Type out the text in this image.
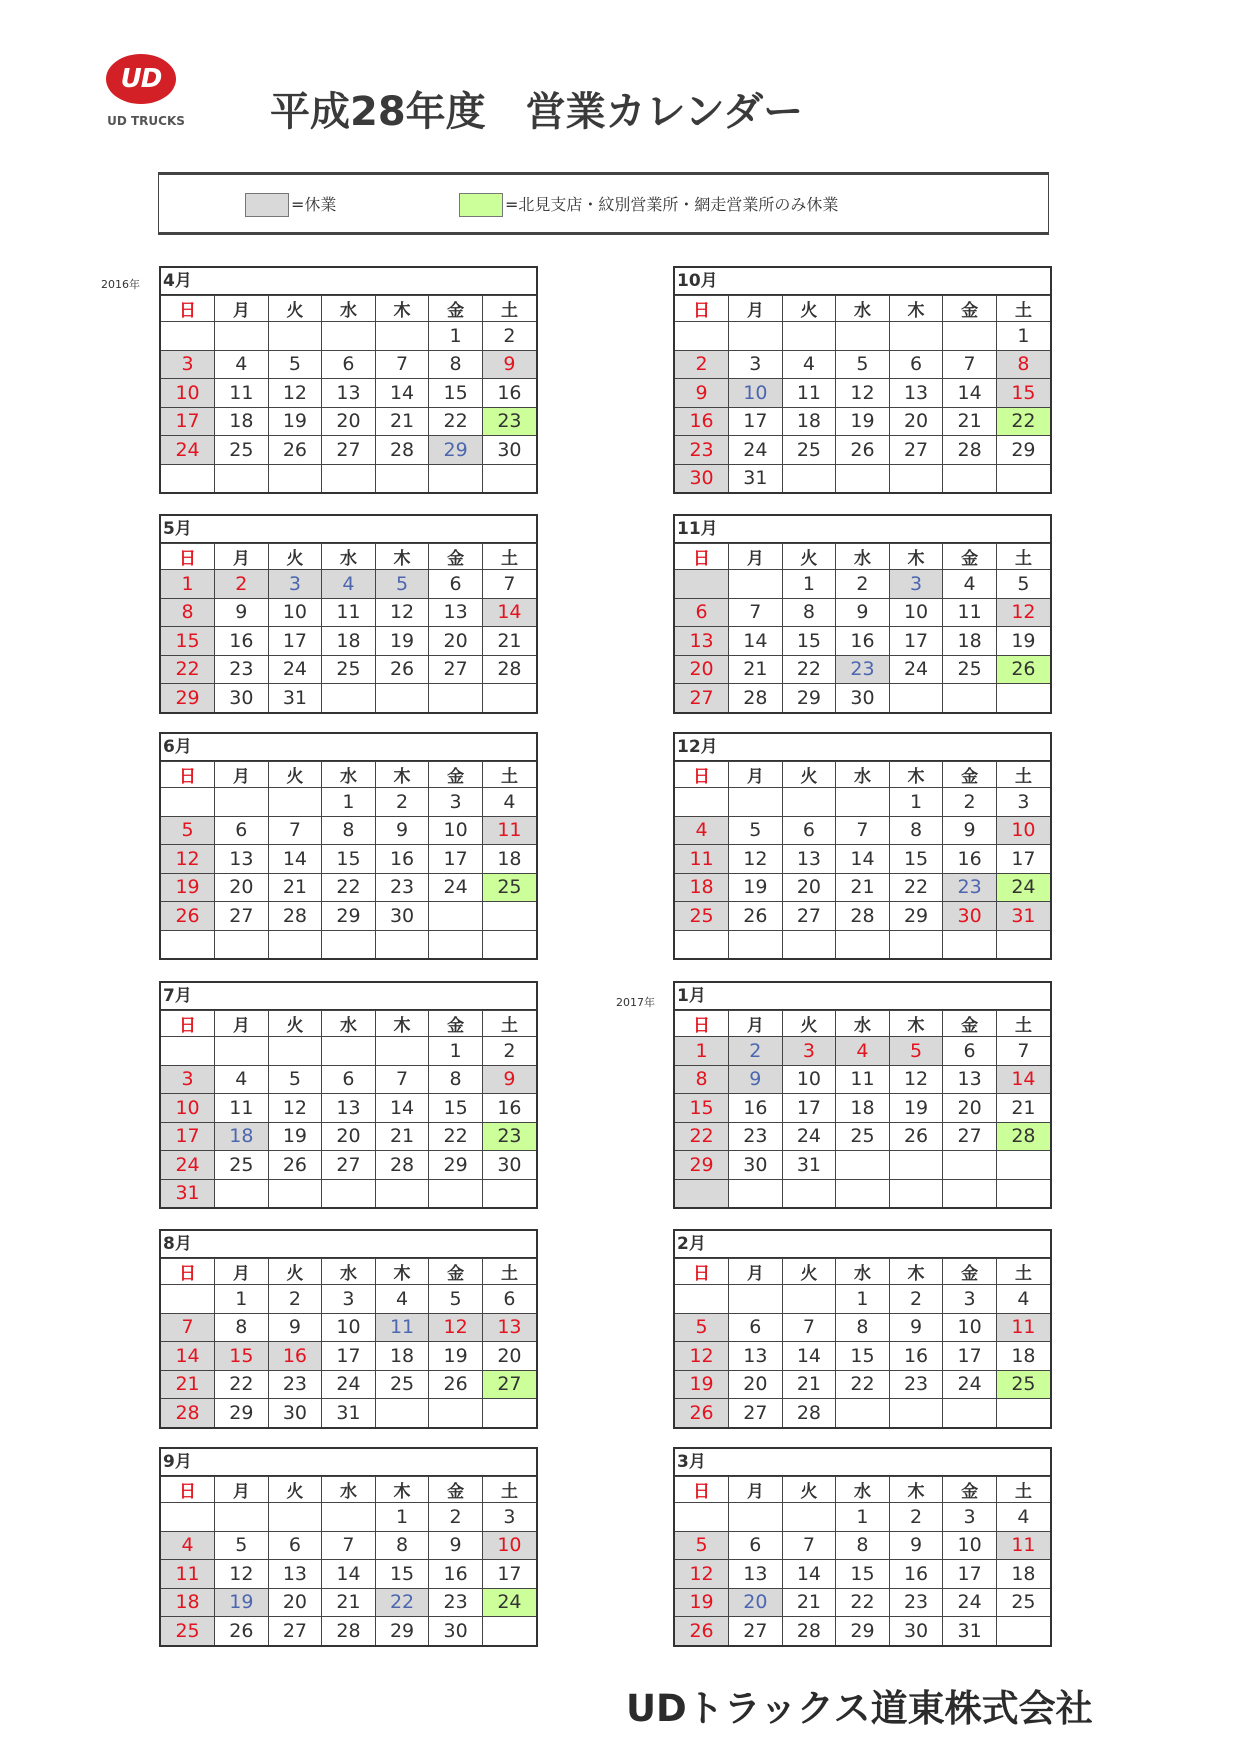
UD
UD TRUCKS	平成28年度　営業カレンダー
=休業	=北見支店・紋別営業所・網走営業所のみ休業
2016年
2017年
4月
日	月	火	水	木	金	土
					1	2
3	4	5	6	7	8	9
10	11	12	13	14	15	16
17	18	19	20	21	22	23
24	25	26	27	28	29	30

5月
日	月	火	水	木	金	土
1	2	3	4	5	6	7
8	9	10	11	12	13	14
15	16	17	18	19	20	21
22	23	24	25	26	27	28
29	30	31				
6月
日	月	火	水	木	金	土
			1	2	3	4
5	6	7	8	9	10	11
12	13	14	15	16	17	18
19	20	21	22	23	24	25
26	27	28	29	30		

7月
日	月	火	水	木	金	土
					1	2
3	4	5	6	7	8	9
10	11	12	13	14	15	16
17	18	19	20	21	22	23
24	25	26	27	28	29	30
31						
8月
日	月	火	水	木	金	土
	1	2	3	4	5	6
7	8	9	10	11	12	13
14	15	16	17	18	19	20
21	22	23	24	25	26	27
28	29	30	31			
9月
日	月	火	水	木	金	土
				1	2	3
4	5	6	7	8	9	10
11	12	13	14	15	16	17
18	19	20	21	22	23	24
25	26	27	28	29	30	
10月
日	月	火	水	木	金	土
						1
2	3	4	5	6	7	8
9	10	11	12	13	14	15
16	17	18	19	20	21	22
23	24	25	26	27	28	29
30	31					
11月
日	月	火	水	木	金	土
		1	2	3	4	5
6	7	8	9	10	11	12
13	14	15	16	17	18	19
20	21	22	23	24	25	26
27	28	29	30			
12月
日	月	火	水	木	金	土
				1	2	3
4	5	6	7	8	9	10
11	12	13	14	15	16	17
18	19	20	21	22	23	24
25	26	27	28	29	30	31

1月
日	月	火	水	木	金	土
1	2	3	4	5	6	7
8	9	10	11	12	13	14
15	16	17	18	19	20	21
22	23	24	25	26	27	28
29	30	31				

2月
日	月	火	水	木	金	土
			1	2	3	4
5	6	7	8	9	10	11
12	13	14	15	16	17	18
19	20	21	22	23	24	25
26	27	28				
3月
日	月	火	水	木	金	土
			1	2	3	4
5	6	7	8	9	10	11
12	13	14	15	16	17	18
19	20	21	22	23	24	25
26	27	28	29	30	31	
UDトラックス道東株式会社
